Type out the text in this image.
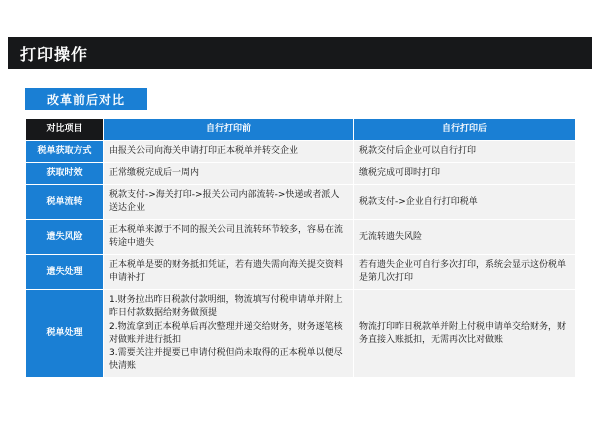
打印操作
改革前后对比
对比项目	自行打印前	自行打印后
税单获取方式	由报关公司向海关申请打印正本税单并转交企业	税款交付后企业可以自行打印
获取时效	正常缴税完成后一周内	缴税完成可即时打印
税单流转	税款支付->海关打印->报关公司内部流转->快递或者派人送达企业	税款支付->企业自行打印税单
遗失风险	正本税单来源于不同的报关公司且流转环节较多，容易在流转途中遗失	无流转遗失风险
遗失处理	正本税单是要的财务抵扣凭证，若有遗失需向海关提交资料申请补打	若有遗失企业可自行多次打印，系统会显示这份税单是第几次打印
税单处理	1.财务拉出昨日税款付款明细，物流填写付税申请单并附上昨日付款数据给财务做预提

2.物流拿到正本税单后再次整理并递交给财务，财务逐笔核对做账并进行抵扣

3.需要关注并提要已申请付税但尚未取得的正本税单以便尽快清账	物流打印昨日税款单并附上付税申请单交给财务，财务直接入账抵扣，无需再次比对做账
